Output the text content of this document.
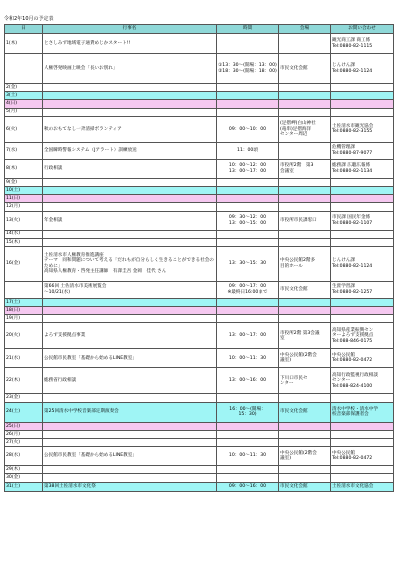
令和2年10月の予定表
日	行事名	時間	会場	お問い合わせ
1(木)	とさしみず地域電子通貨めじかスタート!!			観光商工課 商工係
Tel:0880-82-1115
	人権啓発映画上映会「長いお別れ」	①13：30～(開場：13：00)
②18：30～(開場：18：00)	市民文化会館	じんけん課
Tel:0880-82-1124
2(金)				
3(土)				
4(日)				
5(月)				
6(火)	秋のおもてなし一斉清掃ボランティア	09：00～10：00	(足摺岬)白山神社
(竜串)足摺海洋
センター周辺	土佐清水市観光協会
Tel:0880-82-3155
7(水)	全国瞬時警報システム（Jアラート）訓練放送	11：00頃		危機管理課
Tel:0880-87-9077
8(木)	行政相談	10：00～12：00
13：00～17：00	市役所2階　第3
会議室	総務課 広聴広報係
Tel:0880-82-1134
9(金)				
10(土)				
11(日)				
12(月)				
13(火)	年金相談	09：30～12：00
13：00～15：00	市役所市民課窓口	市民課 国民年金係
Tel:0880-82-1107
14(水)				
15(木)				
16(金)	土佐清水市人権教育推進講座
テーマ　同和問題について考える「だれもが自分らしく生きることができる社会のために」
高知県人権教育・啓発主任講師　有澤圭吾 金岡　佳代 さん	13：30～15：30	中央公民館2階多
目的ホール	じんけん課
Tel:0880-82-1124
	第66回 土佐清水市美術展覧会
～10/21(水)	09：00～17：00
※最終日16:00まで	市民文化会館	生涯学習課
Tel:0880-82-1257
17(土)				
18(日)				
19(月)				
20(火)	よろず支援拠点事業	13：00～17：00	市役所2階 第3会議
室	高知県産業振興セン
ターよろず支援拠点
Tel:088-846-0175
21(水)	公民館市民教室「基礎から始めるLINE教室」	10：00～11：30	中央公民館(2階会
議室)	中央公民館
Tel:0880-82-0472
22(木)	総務省行政相談	13：00～16：00	下川口市民セ
ンター	高知行政監視行政相談
センター
Tel:088-824-4100
23(金)				
24(土)	第25回清水中学校音楽部定期演奏会	16：00～(開場：
15：30)	市民文化会館	清水中学校・清水中学
校音楽部保護者会
25(日)				
26(月)				
27(火)				
28(水)	公民館市民教室「基礎から始めるLINE教室」	10：00～11：30	中央公民館(2階会
議室)	中央公民館
Tel:0880-82-0472
29(木)				
30(金)				
31(土)	第38回土佐清水市文化祭	09：00～16：00	市民文化会館	土佐清水市文化協会
